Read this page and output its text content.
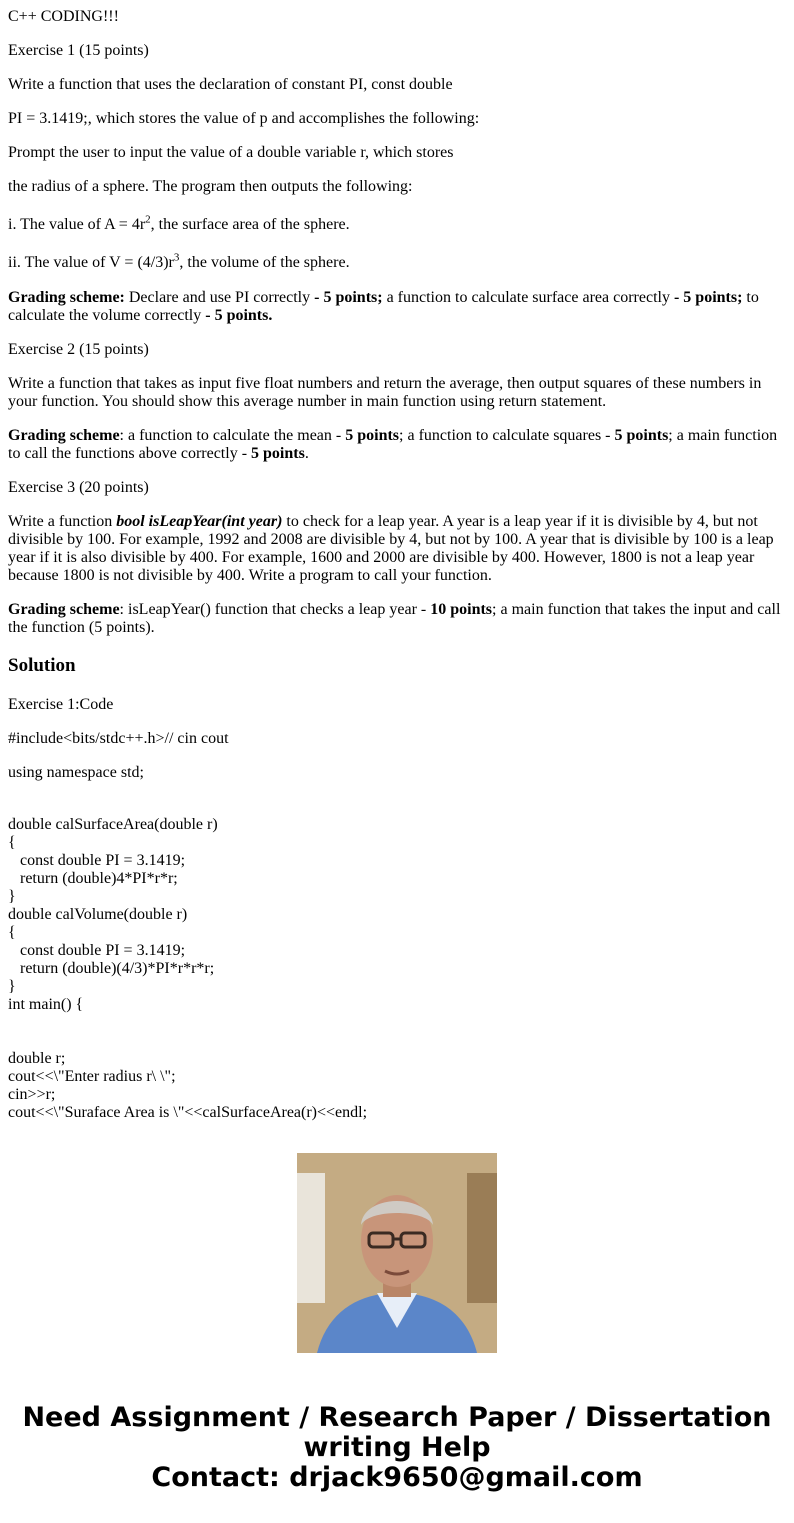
C++ CODING!!!

Exercise 1 (15 points)

Write a function that uses the declaration of constant PI, const double

PI = 3.1419;, which stores the value of p and accomplishes the following:

Prompt the user to input the value of a double variable r, which stores

the radius of a sphere. The program then outputs the following:

i. The value of $A = 4r^2$, the surface area of the sphere.

ii. The value of $V = (4/3)r^3$, the volume of the sphere.

Grading scheme: Declare and use PI correctly - 5 points; a function to calculate surface area correctly - 5 points; to calculate the volume correctly - 5 points.

Exercise 2 (15 points)

Write a function that takes as input five float numbers and return the average, then output squares of these numbers in your function. You should show this average number in main function using return statement.

Grading scheme: a function to calculate the mean - 5 points; a function to calculate squares - 5 points; a main function to call the functions above correctly - 5 points.

Exercise 3 (20 points)

Write a function bool isLeapYear(int year) to check for a leap year. A year is a leap year if it is divisible by 4, but not divisible by 100. For example, 1992 and 2008 are divisible by 4, but not by 100. A year that is divisible by 100 is a leap year if it is also divisible by 400. For example, 1600 and 2000 are divisible by 400. However, 1800 is not a leap year because 1800 is not divisible by 400. Write a program to call your function.

Grading scheme: isLeapYear() function that checks a leap year - 10 points; a main function that takes the input and call the function (5 points).

Solution

Exercise 1:Code

#include<bits/stdc++.h>// cin cout

using namespace std;

double calSurfaceArea(double r)
{
const double PI = 3.1419;
return (double)4*PI*r*r;
}
double calVolume(double r)
{
const double PI = 3.1419;
return (double)(4/3)*PI*r*r*r;
}
int main() {
double r;
cout<<\"Enter radius r\ \";
cin>>r;
cout<<\"Suraface Area is \"<<calSurfaceArea(r)<<endl;
Need Assignment / Research Paper / Dissertation
writing Help
Contact: drjack9650@gmail.com
